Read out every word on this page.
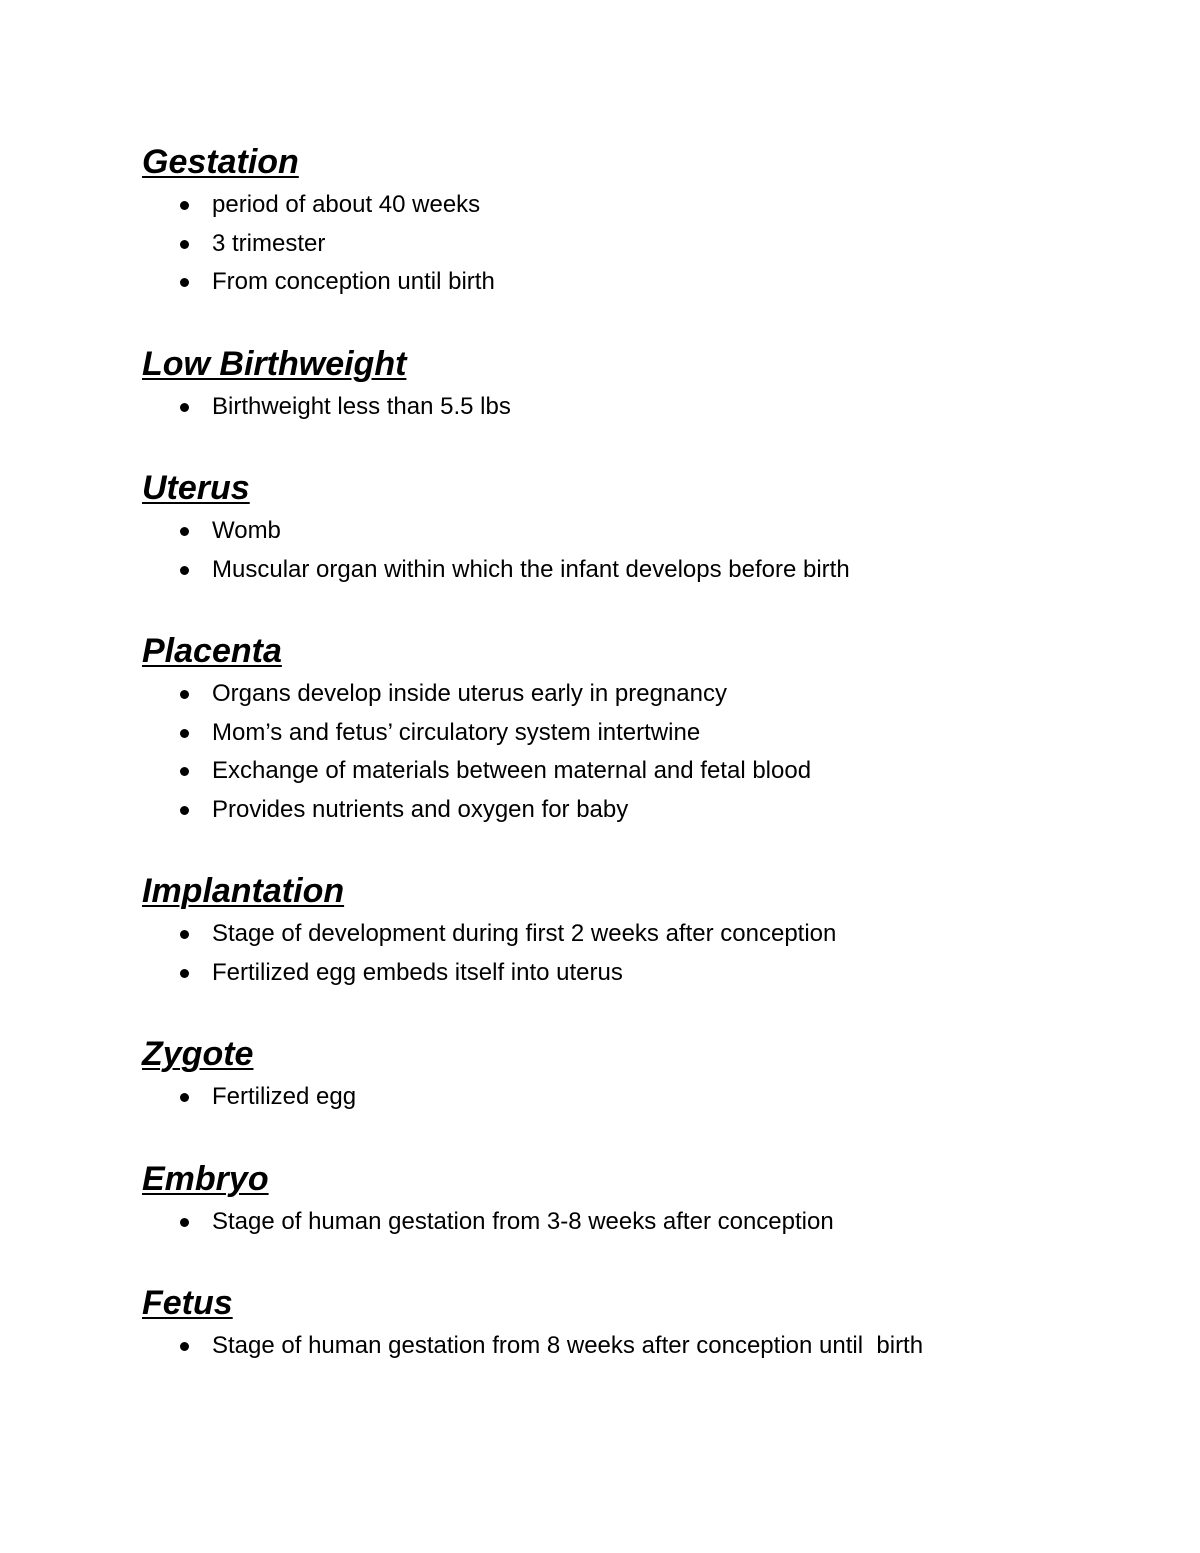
Gestation
period of about 40 weeks
3 trimester
From conception until birth
Low Birthweight
Birthweight less than 5.5 lbs
Uterus
Womb
Muscular organ within which the infant develops before birth
Placenta
Organs develop inside uterus early in pregnancy
Mom’s and fetus’ circulatory system intertwine
Exchange of materials between maternal and fetal blood
Provides nutrients and oxygen for baby
Implantation
Stage of development during first 2 weeks after conception
Fertilized egg embeds itself into uterus
Zygote
Fertilized egg
Embryo
Stage of human gestation from 3-8 weeks after conception
Fetus
Stage of human gestation from 8 weeks after conception until  birth
